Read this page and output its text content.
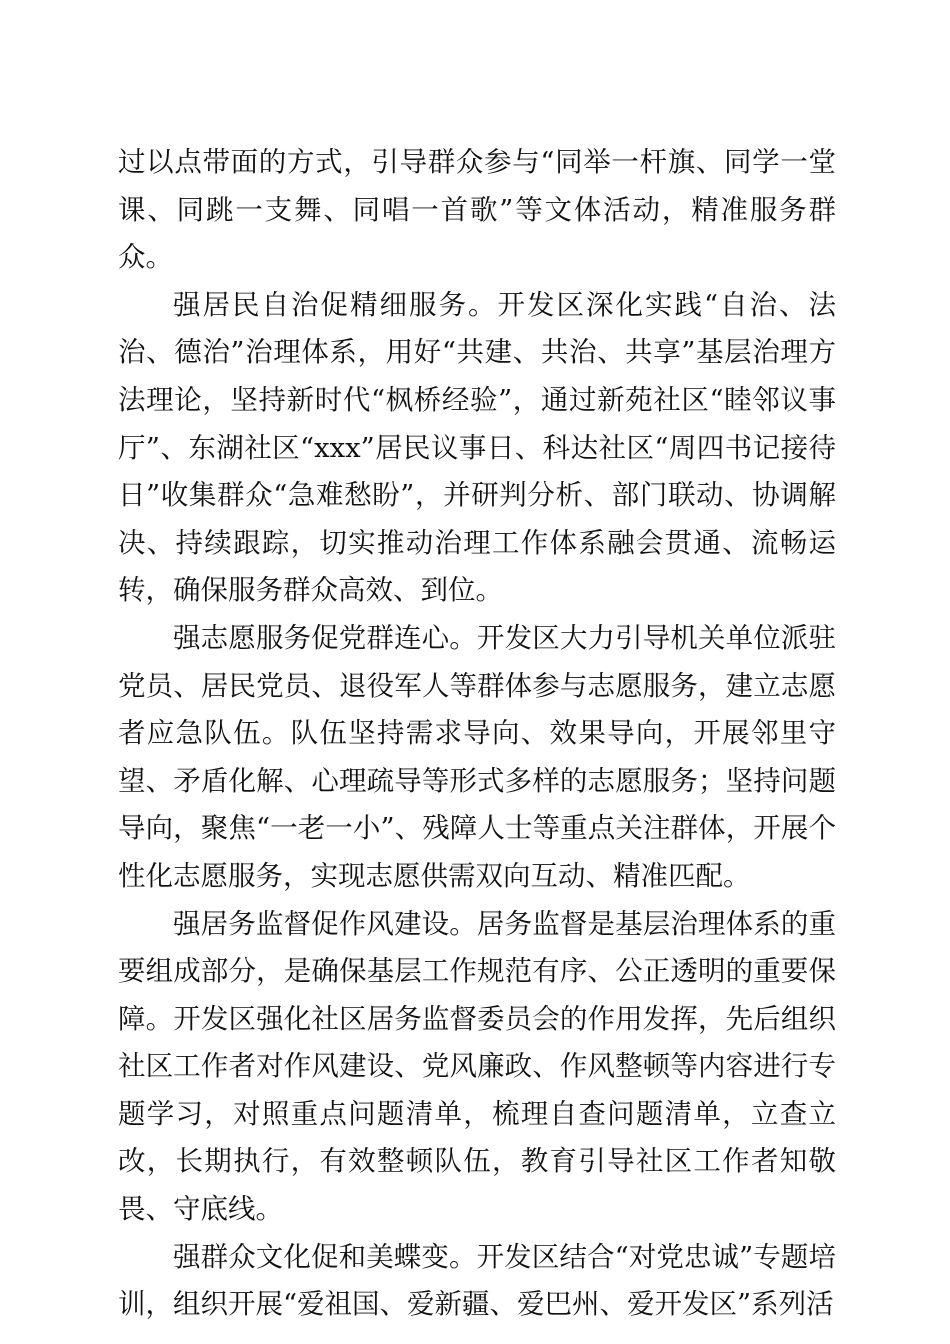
过以点带面的方式，引导群众参与“同举一杆旗、同学一堂课、同跳一支舞、同唱一首歌”等文体活动，精准服务群众。

强居民自治促精细服务。开发区深化实践“自治、法治、德治”治理体系，用好“共建、共治、共享”基层治理方法理论，坚持新时代“枫桥经验”，通过新苑社区“睦邻议事厅”、东湖社区“xxx”居民议事日、科达社区“周四书记接待日”收集群众“急难愁盼”，并研判分析、部门联动、协调解决、持续跟踪，切实推动治理工作体系融会贯通、流畅运转，确保服务群众高效、到位。

强志愿服务促党群连心。开发区大力引导机关单位派驻党员、居民党员、退役军人等群体参与志愿服务，建立志愿者应急队伍。队伍坚持需求导向、效果导向，开展邻里守望、矛盾化解、心理疏导等形式多样的志愿服务；坚持问题导向，聚焦“一老一小”、残障人士等重点关注群体，开展个性化志愿服务，实现志愿供需双向互动、精准匹配。

强居务监督促作风建设。居务监督是基层治理体系的重要组成部分，是确保基层工作规范有序、公正透明的重要保障。开发区强化社区居务监督委员会的作用发挥，先后组织社区工作者对作风建设、党风廉政、作风整顿等内容进行专题学习，对照重点问题清单，梳理自查问题清单，立查立改，长期执行，有效整顿队伍，教育引导社区工作者知敬畏、守底线。

强群众文化促和美蝶变。开发区结合“对党忠诚”专题培训，组织开展“爱祖国、爱新疆、爱巴州、爱开发区”系列活
